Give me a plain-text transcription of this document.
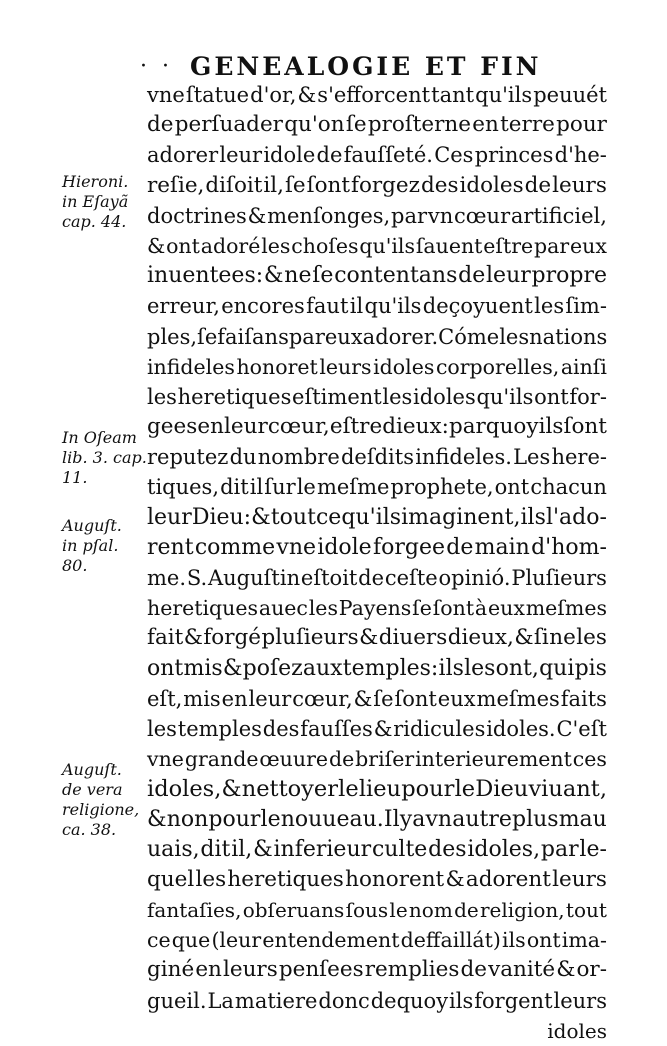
· · GENEALOGIE ET FIN
vne ſtatue d'or, & s'efforcent tant qu'ils peuuét
de perſuader qu'on ſe proſterne en terre pour
adorer leur idole de fauſſeté. Ces princes d'he-
reſie, diſoit il, ſe ſont forgez des idoles de leurs
doctrines & menſonges, par vn cœur artificiel,
& ont adoré les choſes qu'ils ſauent eſtre par eux
inuentees: & ne ſe contentans de leur propre
erreur, encores faut il qu'ils deçoyuent les ſim-
ples, ſe faiſans par eux adorer. Cóme les nations
infideles honoret leurs idoles corporelles, ainſi
les heretiques eſtiment les idoles qu'ils ont for-
gees en leur cœur, eſtre dieux: parquoy ils ſont
reputez du nombre deſdits infideles. Les here-
tiques, dit il ſur le meſme prophete, ont chacun
leur Dieu: & tout ce qu'ils imaginent, ils l'ado-
rent comme vne idole forgee de main d'hom-
me. S. Auguſtin eſtoit de ceſte opinió. Pluſieurs
heretiques auec les Payens ſe ſont à eux meſmes
fait & forgé pluſieurs & diuers dieux, & ſi ne les
ont mis & poſez aux temples: ils les ont, qui pis
eſt, mis en leur cœur, & ſe ſont eux meſmes faits
les temples des fauſſes & ridicules idoles. C'eſt
vne grande œuure de briſer interieurement ces
idoles, & nettoyer le lieu pour le Dieu viuant,
& non pour le nouueau. Il y a vn autre plus mau
uais, dit il, & inferieur culte des idoles, par le-
quel les heretiques honorent & adorent leurs
fantaſies, obſeruans ſous le nom de religion, tout
ce que (leur entendement deffaillát) ils ont ima-
giné en leurs penſees remplies de vanité & or-
gueil. La matiere donc dequoy ils forgent leurs
idoles
Hieroni.
in Eſayã
cap. 44.
In Oſeam
lib. 3. cap.
11.
Auguſt.
in pſal.
80.
Auguſt.
de vera
religione,
ca. 38.
